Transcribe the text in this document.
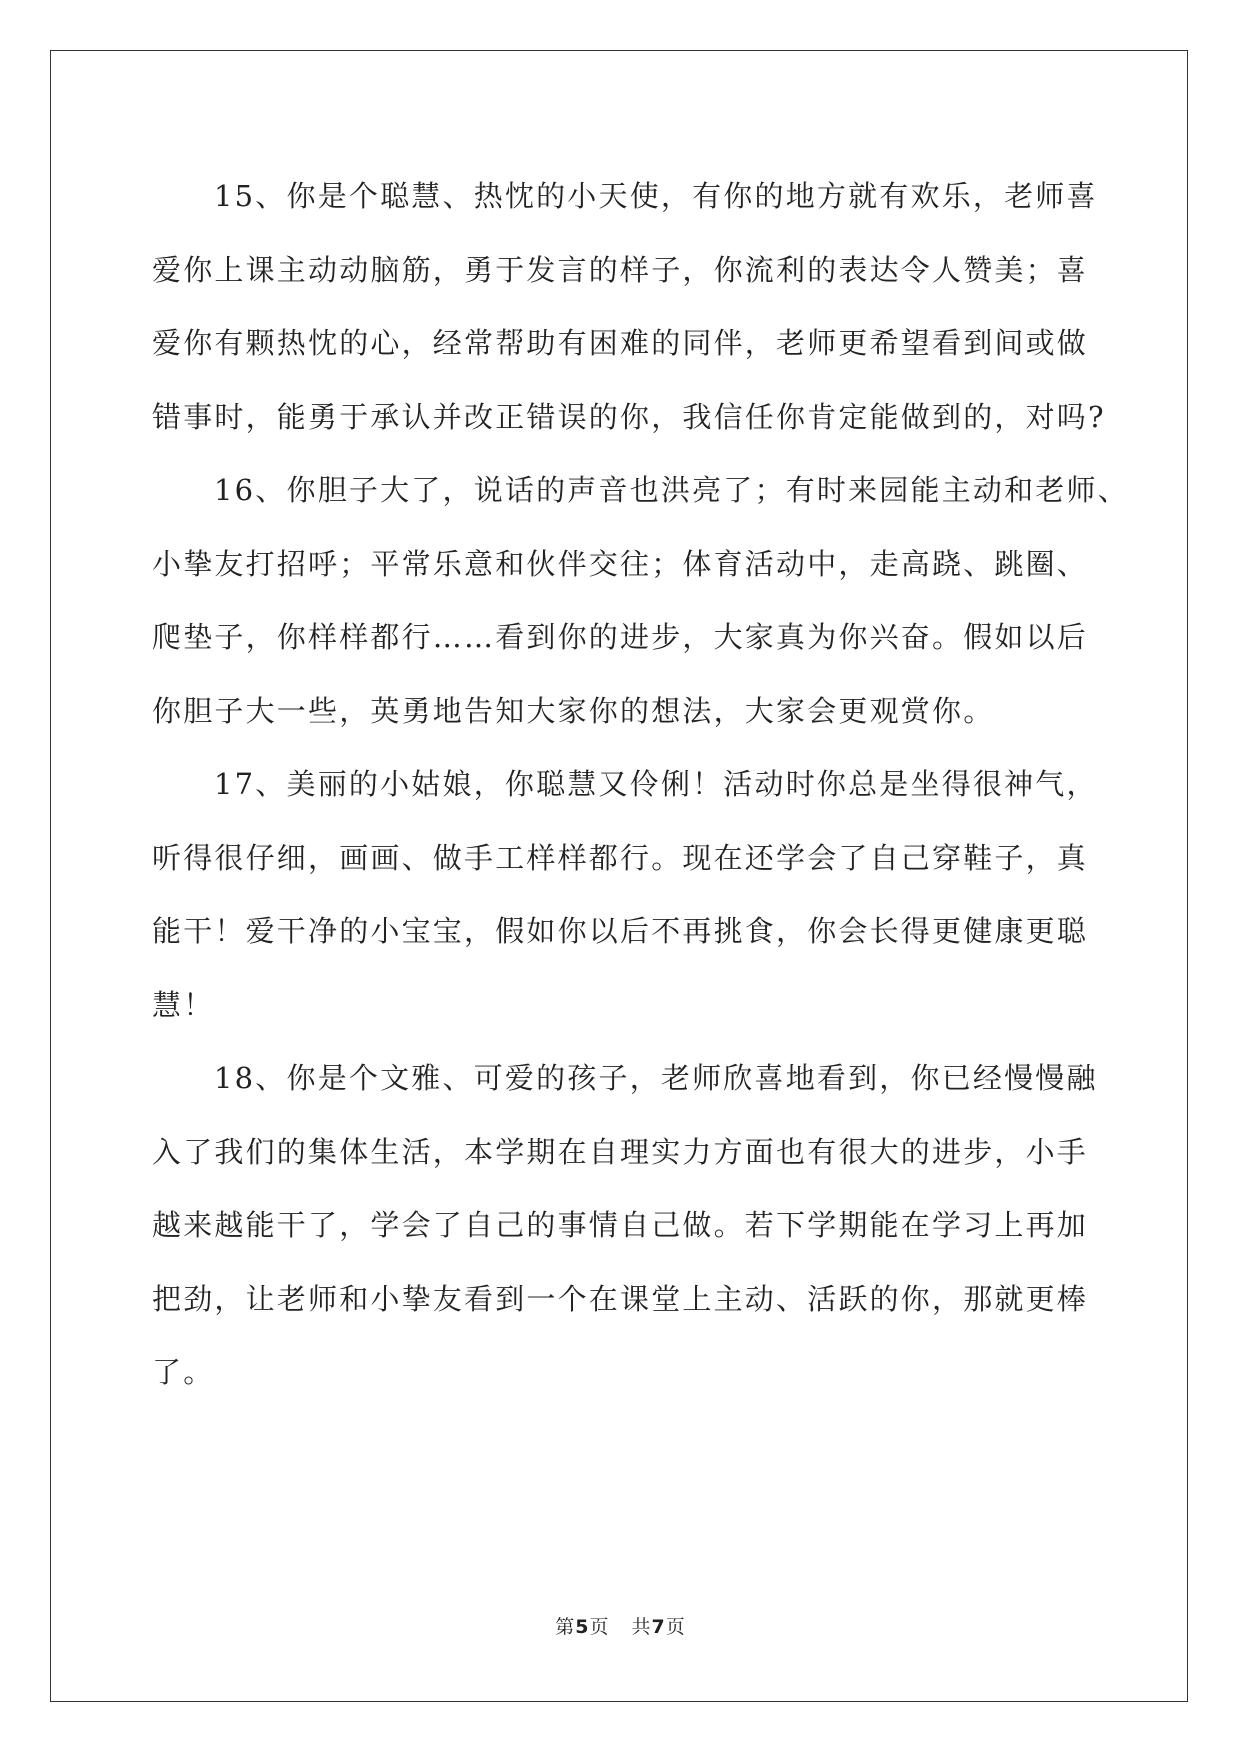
15、你是个聪慧、热忱的小天使，有你的地方就有欢乐，老师喜
爱你上课主动动脑筋，勇于发言的样子，你流利的表达令人赞美；喜
爱你有颗热忱的心，经常帮助有困难的同伴，老师更希望看到间或做
错事时，能勇于承认并改正错误的你，我信任你肯定能做到的，对吗?
16、你胆子大了，说话的声音也洪亮了；有时来园能主动和老师、
小挚友打招呼；平常乐意和伙伴交往；体育活动中，走高跷、跳圈、
爬垫子，你样样都行……看到你的进步，大家真为你兴奋。假如以后
你胆子大一些，英勇地告知大家你的想法，大家会更观赏你。
17、美丽的小姑娘，你聪慧又伶俐！活动时你总是坐得很神气，
听得很仔细，画画、做手工样样都行。现在还学会了自己穿鞋子，真
能干！爱干净的小宝宝，假如你以后不再挑食，你会长得更健康更聪
慧！
18、你是个文雅、可爱的孩子，老师欣喜地看到，你已经慢慢融
入了我们的集体生活，本学期在自理实力方面也有很大的进步，小手
越来越能干了，学会了自己的事情自己做。若下学期能在学习上再加
把劲，让老师和小挚友看到一个在课堂上主动、活跃的你，那就更棒
了。
第5页 共7页
